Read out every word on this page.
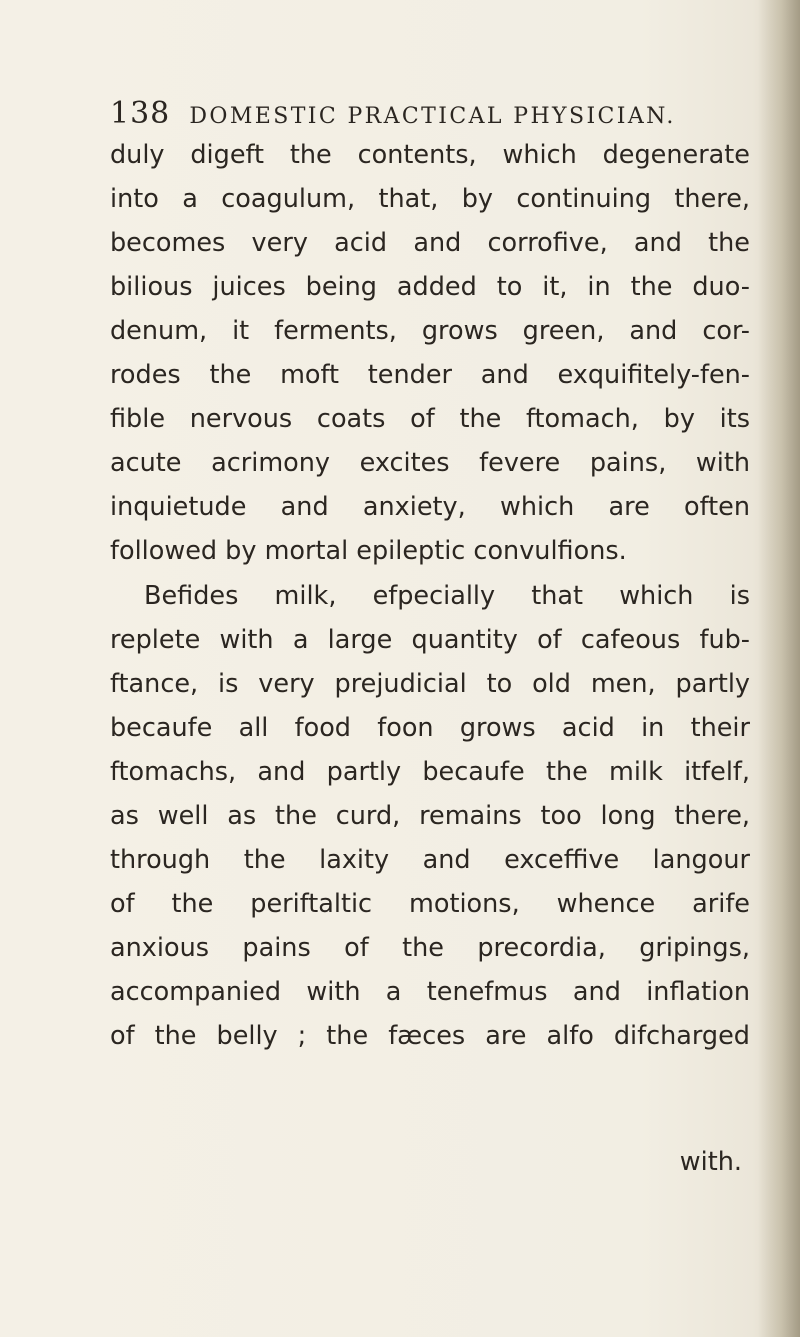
138 DOMESTIC PRACTICAL PHYSICIAN.
duly digeft the contents, which degenerate
into a coagulum, that, by continuing there,
becomes very acid and corrofive, and the
bilious juices being added to it, in the duo-
denum, it ferments, grows green, and cor-
rodes the moft tender and exquifitely-fen-
fible nervous coats of the ftomach, by its
acute acrimony excites fevere pains, with
inquietude and anxiety, which are often
followed by mortal epileptic convulfions.
Befides milk, efpecially that which is
replete with a large quantity of cafeous fub-
ftance, is very prejudicial to old men, partly
becaufe all food foon grows acid in their
ftomachs, and partly becaufe the milk itfelf,
as well as the curd, remains too long there,
through the laxity and exceffive langour
of the periftaltic motions, whence arife
anxious pains of the precordia, gripings,
accompanied with a tenefmus and inflation
of the belly ; the fæces are alfo difcharged
with.
